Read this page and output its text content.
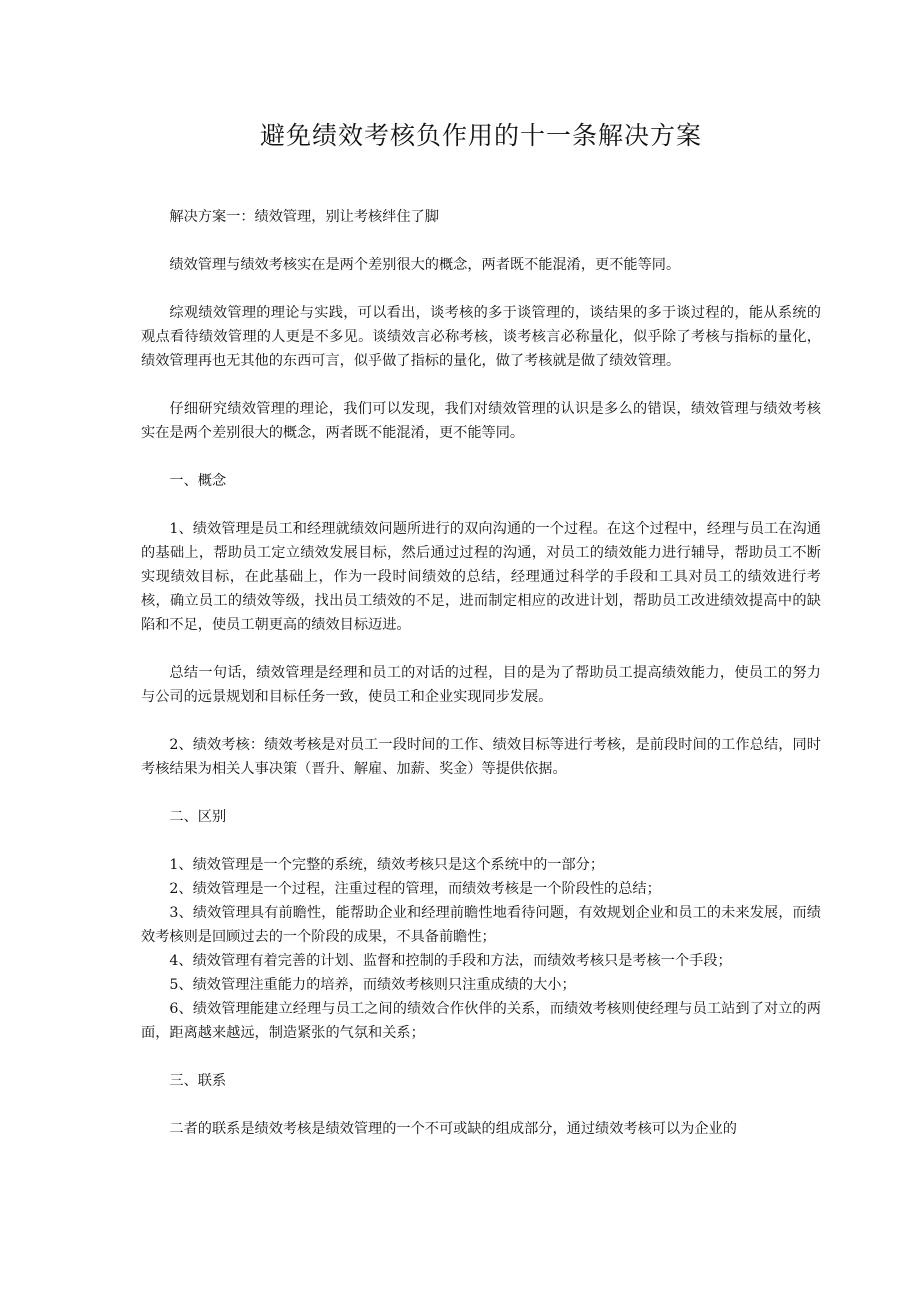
避免绩效考核负作用的十一条解决方案

解决方案一：绩效管理，别让考核绊住了脚

绩效管理与绩效考核实在是两个差别很大的概念，两者既不能混淆，更不能等同。

综观绩效管理的理论与实践，可以看出，谈考核的多于谈管理的，谈结果的多于谈过程的，能从系统的观点看待绩效管理的人更是不多见。谈绩效言必称考核，谈考核言必称量化，似乎除了考核与指标的量化，绩效管理再也无其他的东西可言，似乎做了指标的量化，做了考核就是做了绩效管理。

仔细研究绩效管理的理论，我们可以发现，我们对绩效管理的认识是多么的错误，绩效管理与绩效考核实在是两个差别很大的概念，两者既不能混淆，更不能等同。

一、概念

1、绩效管理是员工和经理就绩效问题所进行的双向沟通的一个过程。在这个过程中，经理与员工在沟通的基础上，帮助员工定立绩效发展目标，然后通过过程的沟通，对员工的绩效能力进行辅导，帮助员工不断实现绩效目标，在此基础上，作为一段时间绩效的总结，经理通过科学的手段和工具对员工的绩效进行考核，确立员工的绩效等级，找出员工绩效的不足，进而制定相应的改进计划，帮助员工改进绩效提高中的缺陷和不足，使员工朝更高的绩效目标迈进。

总结一句话，绩效管理是经理和员工的对话的过程，目的是为了帮助员工提高绩效能力，使员工的努力与公司的远景规划和目标任务一致，使员工和企业实现同步发展。

2、绩效考核：绩效考核是对员工一段时间的工作、绩效目标等进行考核，是前段时间的工作总结，同时考核结果为相关人事决策（晋升、解雇、加薪、奖金）等提供依据。

二、区别

1、绩效管理是一个完整的系统，绩效考核只是这个系统中的一部分；

2、绩效管理是一个过程，注重过程的管理，而绩效考核是一个阶段性的总结；

3、绩效管理具有前瞻性，能帮助企业和经理前瞻性地看待问题，有效规划企业和员工的未来发展，而绩效考核则是回顾过去的一个阶段的成果，不具备前瞻性；

4、绩效管理有着完善的计划、监督和控制的手段和方法，而绩效考核只是考核一个手段；

5、绩效管理注重能力的培养，而绩效考核则只注重成绩的大小；

6、绩效管理能建立经理与员工之间的绩效合作伙伴的关系，而绩效考核则使经理与员工站到了对立的两面，距离越来越远，制造紧张的气氛和关系；

三、联系

二者的联系是绩效考核是绩效管理的一个不可或缺的组成部分，通过绩效考核可以为企业的
